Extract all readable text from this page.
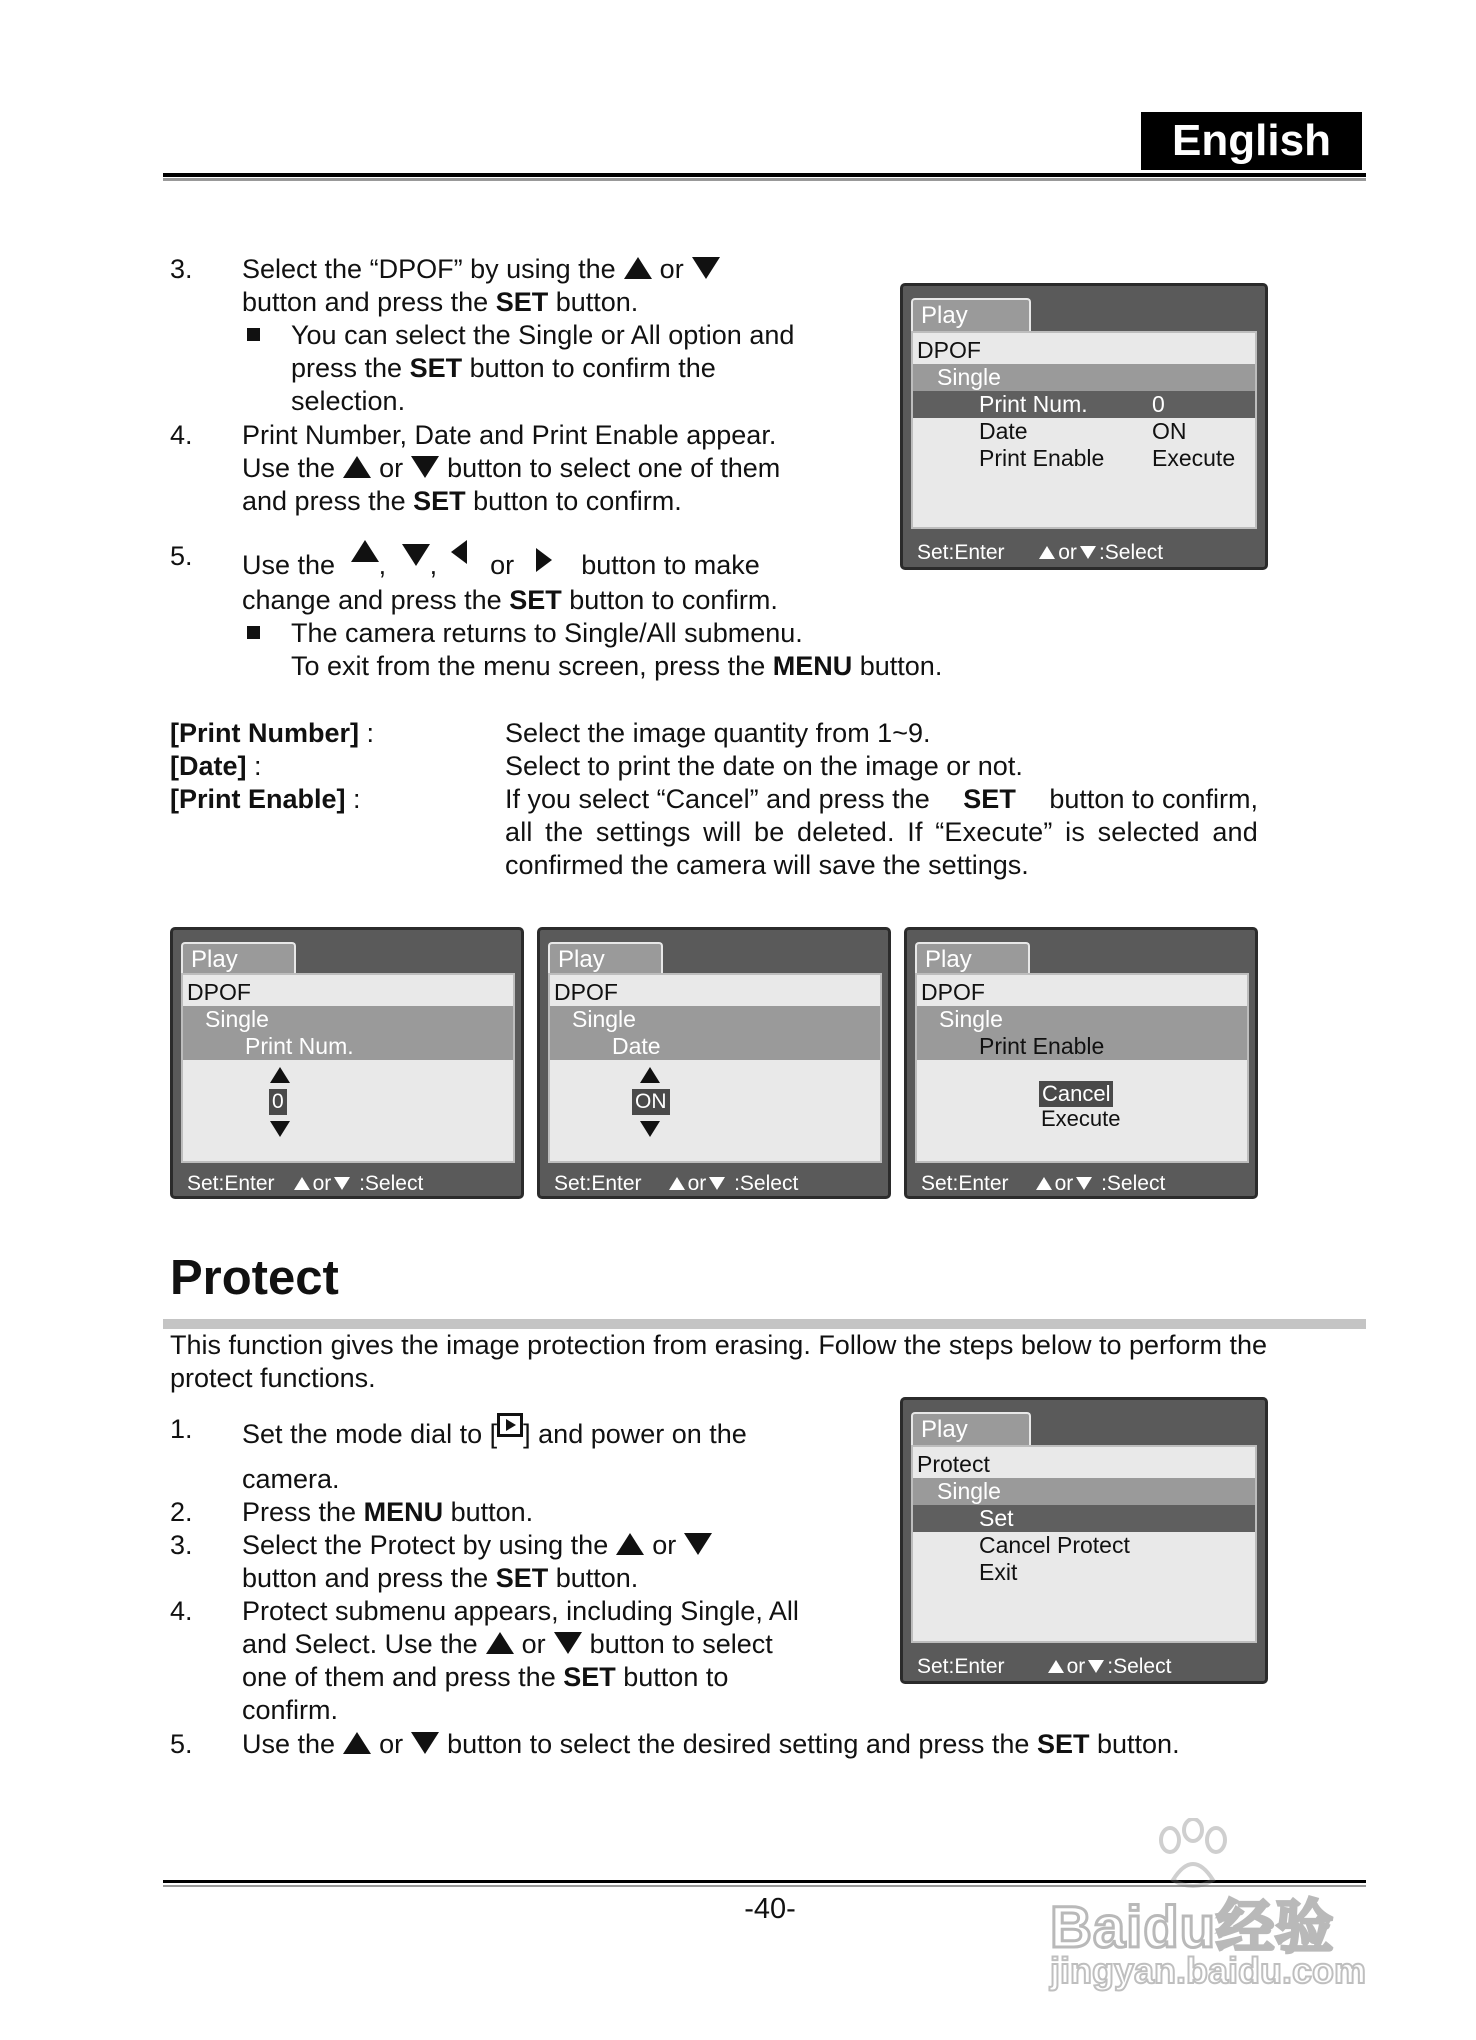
English
3. Select the “DPOF” by using the or
button and press the SET button.
You can select the Single or All option and
press the SET button to confirm the
selection.
4. Print Number, Date and Print Enable appear.
Use the or button to select one of them
and press the SET button to confirm.
5. Use the , , or button to make
change and press the SET button to confirm.
The camera returns to Single/All submenu.
To exit from the menu screen, press the MENU button.
[Print Number] :	Select the image quantity from 1~9.
[Date] :	Select to print the date on the image or not.
[Print Enable] :	If you select “Cancel” and press the SET button to confirm,
all the settings will be deleted. If “Execute” is selected and
confirmed the camera will save the settings.
Play
DPOF
Single
Print Num.	0
Date	ON
Print Enable Execute
Set:Enter	or :Select
Play
DPOF
Single
Print Num.
0
Set:Enter or :Select
Play
DPOF
Single
Date
ON
Set:Enter or :Select
Play
DPOF
Single
Print Enable
Cancel
Execute
Set:Enter or :Select
Protect
This function gives the image protection from erasing. Follow the steps below to perform the
protect functions.
1. Set the mode dial to [ ] and power on the
camera.
2. Press the MENU button.
3. Select the Protect by using the or
button and press the SET button.
4. Protect submenu appears, including Single, All
and Select. Use the or button to select
one of them and press the SET button to
confirm.
5. Use the or button to select the desired setting and press the SET button.
Play
Protect
Single
Set
Cancel Protect
Exit
Set:Enter	or :Select
-40-	Baidu经验
jingyan.baidu.com
